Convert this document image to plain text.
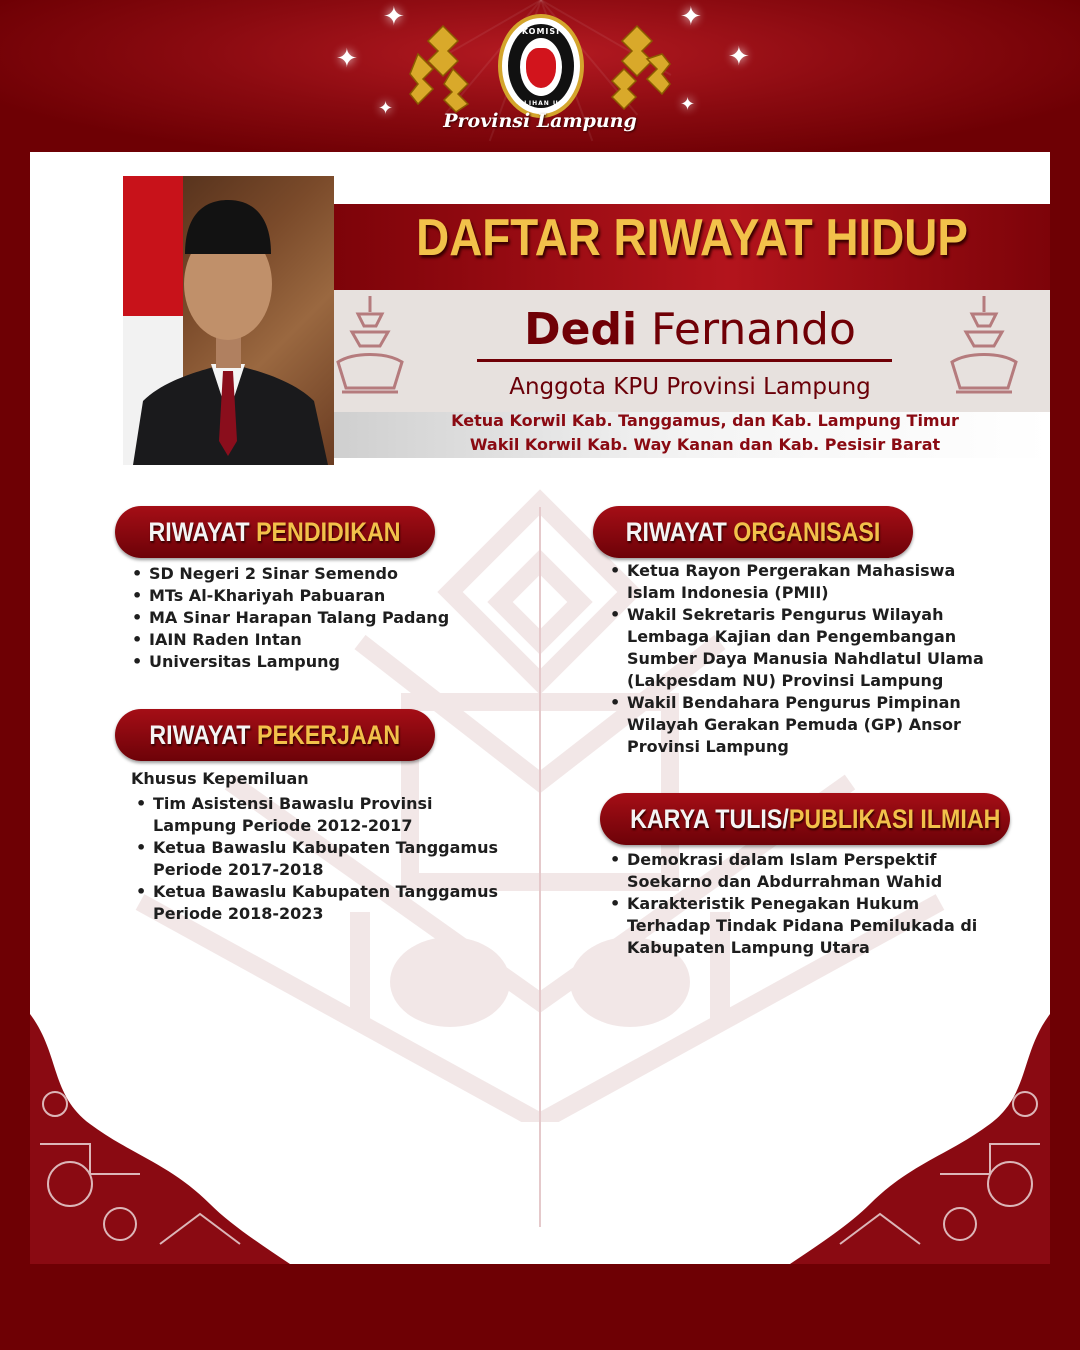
✦
✦
✦
✦
✦
✦
KOMISI
PEMILIHAN UMUM
Provinsi Lampung
DAFTAR RIWAYAT HIDUP
Dedi Fernando
Anggota KPU Provinsi Lampung
Ketua Korwil Kab. Tanggamus, dan Kab. Lampung Timur
Wakil Korwil Kab. Way Kanan dan Kab. Pesisir Barat
RIWAYAT PENDIDIKAN
• SD Negeri 2 Sinar Semendo
• MTs Al-Khariyah Pabuaran
• MA Sinar Harapan Talang Padang
• IAIN Raden Intan
• Universitas Lampung
RIWAYAT PEKERJAAN
Khusus Kepemiluan
• Tim Asistensi Bawaslu Provinsi Lampung Periode 2012-2017
• Ketua Bawaslu Kabupaten Tanggamus Periode 2017-2018
• Ketua Bawaslu Kabupaten Tanggamus Periode 2018-2023
RIWAYAT ORGANISASI
• Ketua Rayon Pergerakan Mahasiswa Islam Indonesia (PMII)
• Wakil Sekretaris Pengurus Wilayah Lembaga Kajian dan Pengembangan Sumber Daya Manusia Nahdlatul Ulama (Lakpesdam NU) Provinsi Lampung
• Wakil Bendahara Pengurus Pimpinan Wilayah Gerakan Pemuda (GP) Ansor Provinsi Lampung
KARYA TULIS/PUBLIKASI ILMIAH
• Demokrasi dalam Islam Perspektif Soekarno dan Abdurrahman Wahid
• Karakteristik Penegakan Hukum Terhadap Tindak Pidana Pemilukada di Kabupaten Lampung Utara
